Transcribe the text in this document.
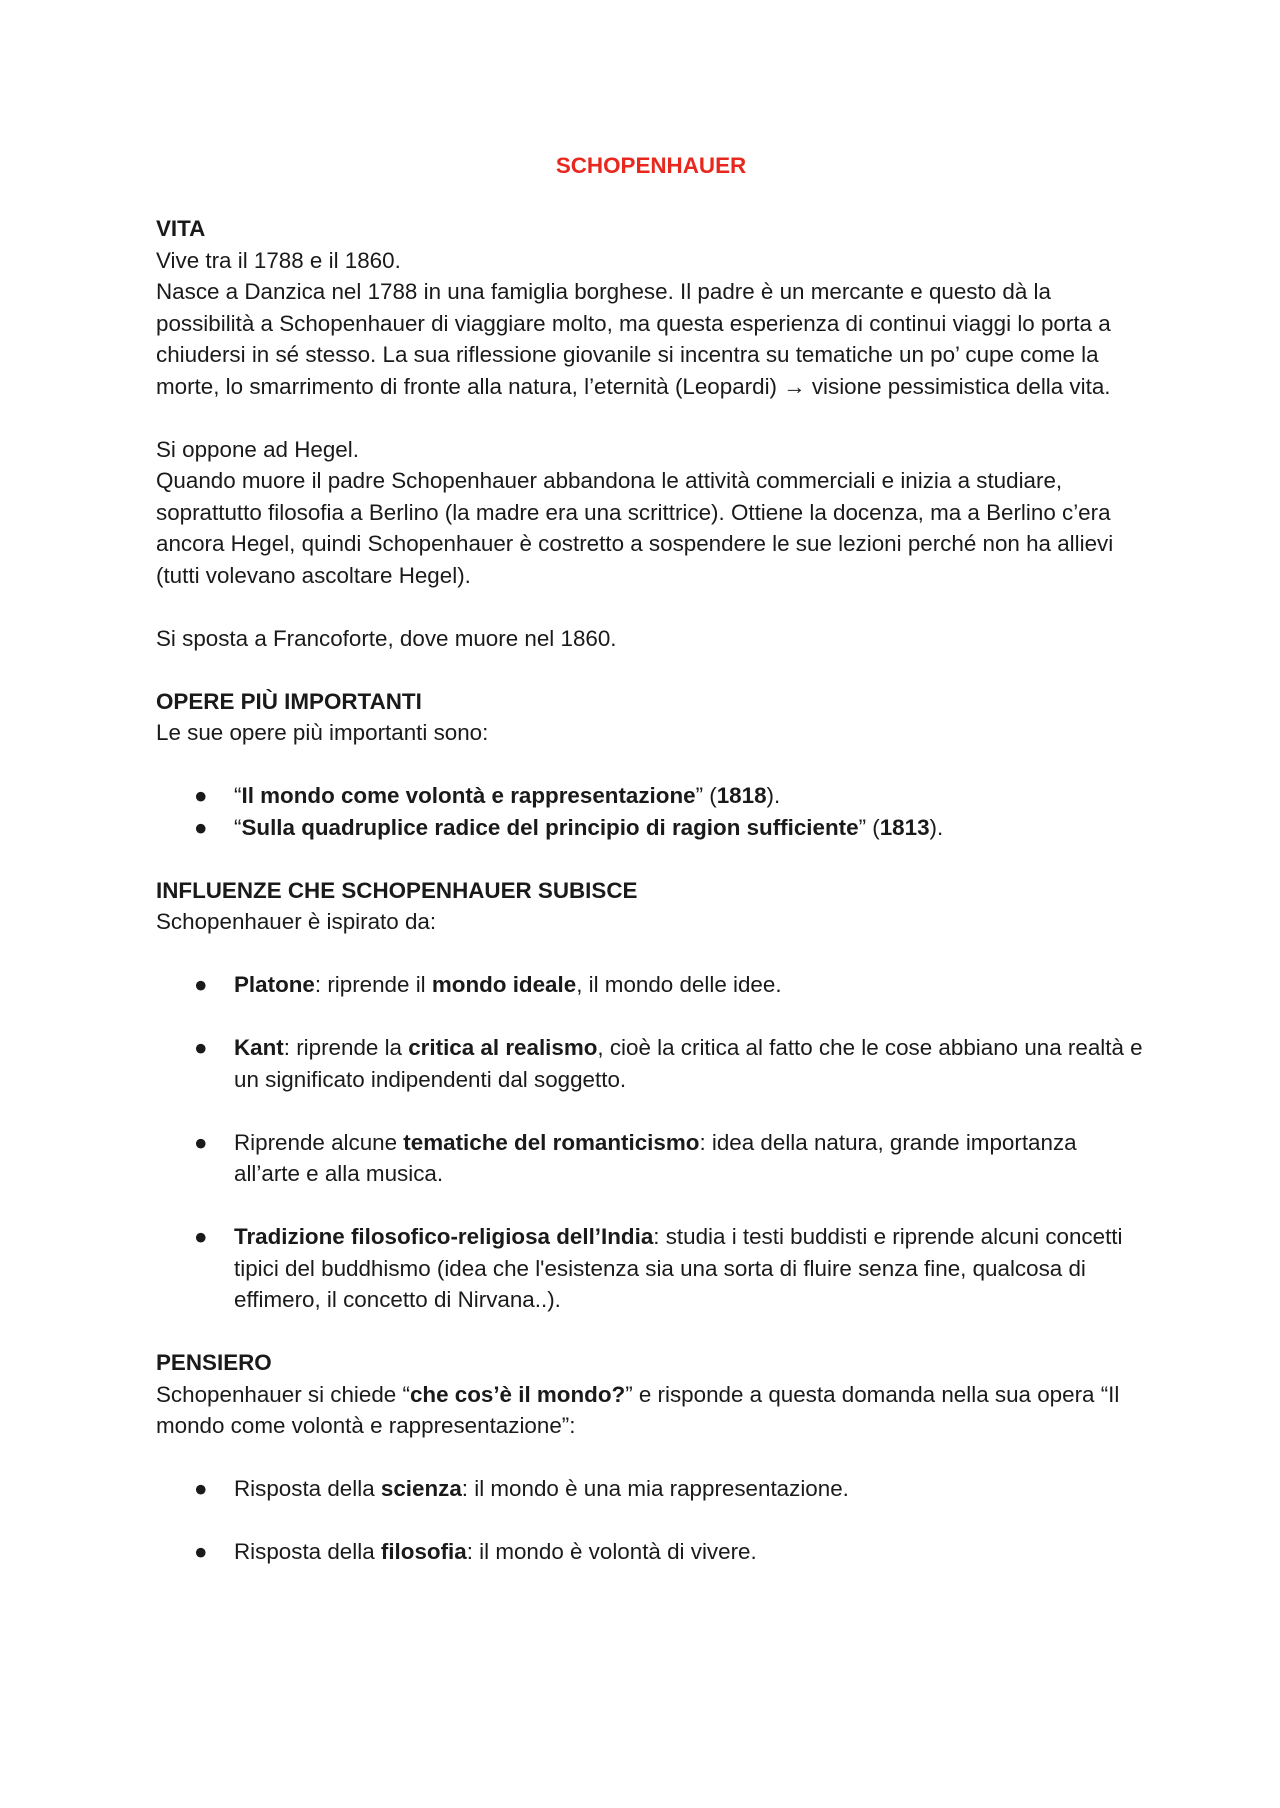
SCHOPENHAUER

VITA

Vive tra il 1788 e il 1860.

Nasce a Danzica nel 1788 in una famiglia borghese. Il padre è un mercante e questo dà la possibilità a Schopenhauer di viaggiare molto, ma questa esperienza di continui viaggi lo porta a chiudersi in sé stesso. La sua riflessione giovanile si incentra su tematiche un po’ cupe come la morte, lo smarrimento di fronte alla natura, l’eternità (Leopardi) → visione pessimistica della vita.

Si oppone ad Hegel.

Quando muore il padre Schopenhauer abbandona le attività commerciali e inizia a studiare, soprattutto filosofia a Berlino (la madre era una scrittrice). Ottiene la docenza, ma a Berlino c’era ancora Hegel, quindi Schopenhauer è costretto a sospendere le sue lezioni perché non ha allievi (tutti volevano ascoltare Hegel).

Si sposta a Francoforte, dove muore nel 1860.

OPERE PIÙ IMPORTANTI

Le sue opere più importanti sono:

● “Il mondo come volontà e rappresentazione” (1818).
● “Sulla quadruplice radice del principio di ragion sufficiente” (1813).

INFLUENZE CHE SCHOPENHAUER SUBISCE

Schopenhauer è ispirato da:

● Platone: riprende il mondo ideale, il mondo delle idee.
● Kant: riprende la critica al realismo, cioè la critica al fatto che le cose abbiano una realtà e un significato indipendenti dal soggetto.
● Riprende alcune tematiche del romanticismo: idea della natura, grande importanza all’arte e alla musica.
● Tradizione filosofico-religiosa dell’India: studia i testi buddisti e riprende alcuni concetti tipici del buddhismo (idea che l'esistenza sia una sorta di fluire senza fine, qualcosa di effimero, il concetto di Nirvana..).

PENSIERO

Schopenhauer si chiede “che cos’è il mondo?” e risponde a questa domanda nella sua opera “Il mondo come volontà e rappresentazione”:

● Risposta della scienza: il mondo è una mia rappresentazione.
● Risposta della filosofia: il mondo è volontà di vivere.
